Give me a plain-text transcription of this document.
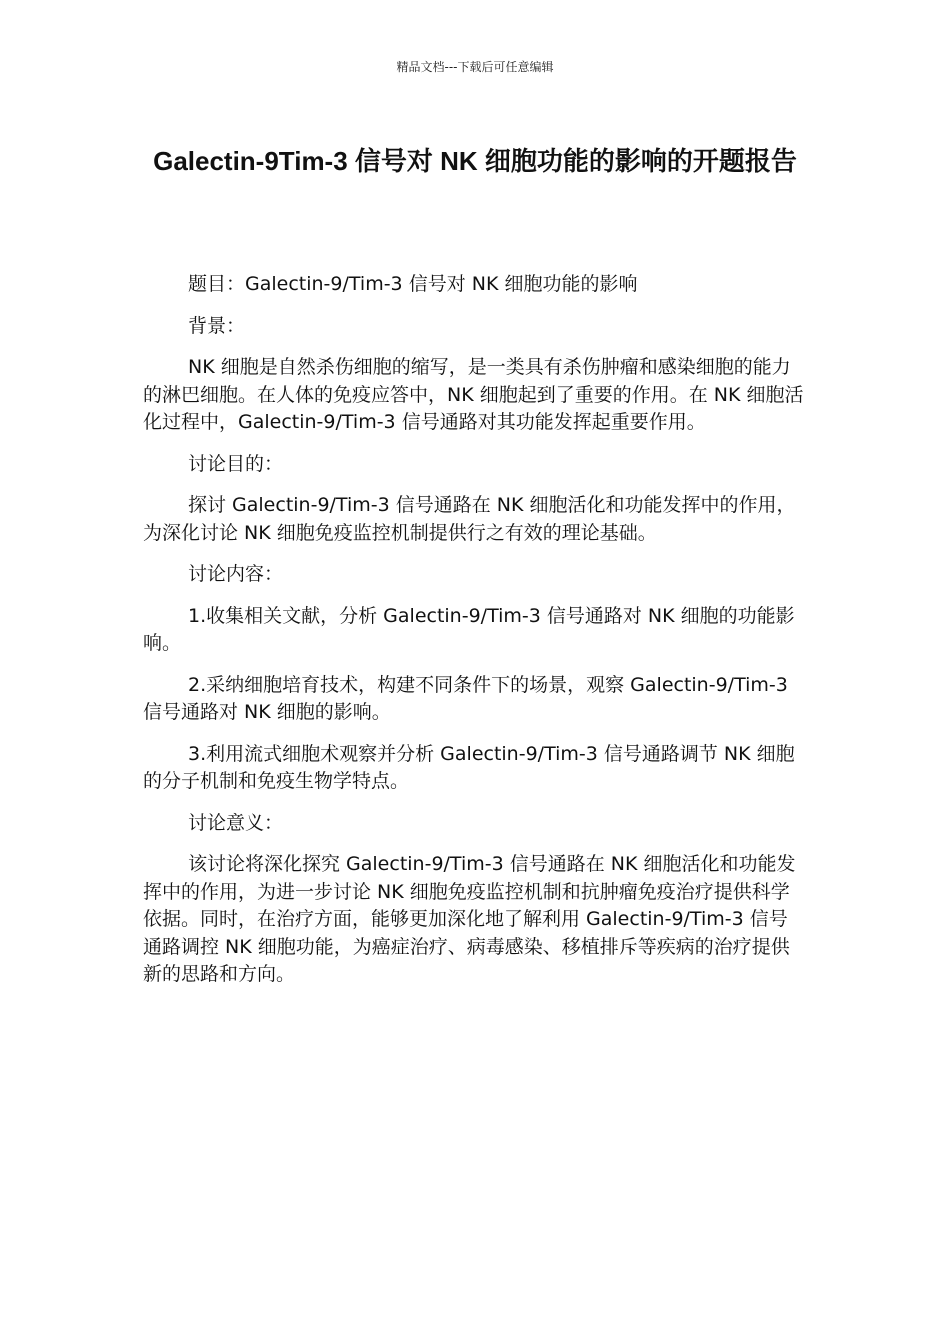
精品文档---下载后可任意编辑
Galectin-9Tim-3 信号对 NK 细胞功能的影响的开题报告

题目：Galectin-9/Tim-3 信号对 NK 细胞功能的影响

背景：

NK 细胞是自然杀伤细胞的缩写，是一类具有杀伤肿瘤和感染细胞的能力的淋巴细胞。在人体的免疫应答中，NK 细胞起到了重要的作用。在 NK 细胞活化过程中，Galectin-9/Tim-3 信号通路对其功能发挥起重要作用。

讨论目的：

探讨 Galectin-9/Tim-3 信号通路在 NK 细胞活化和功能发挥中的作用，为深化讨论 NK 细胞免疫监控机制提供行之有效的理论基础。

讨论内容：

1.收集相关文献，分析 Galectin-9/Tim-3 信号通路对 NK 细胞的功能影响。

2.采纳细胞培育技术，构建不同条件下的场景，观察 Galectin-9/Tim-3 信号通路对 NK 细胞的影响。

3.利用流式细胞术观察并分析 Galectin-9/Tim-3 信号通路调节 NK 细胞的分子机制和免疫生物学特点。

讨论意义：

该讨论将深化探究 Galectin-9/Tim-3 信号通路在 NK 细胞活化和功能发挥中的作用，为进一步讨论 NK 细胞免疫监控机制和抗肿瘤免疫治疗提供科学依据。同时，在治疗方面，能够更加深化地了解利用 Galectin-9/Tim-3 信号通路调控 NK 细胞功能，为癌症治疗、病毒感染、移植排斥等疾病的治疗提供新的思路和方向。
